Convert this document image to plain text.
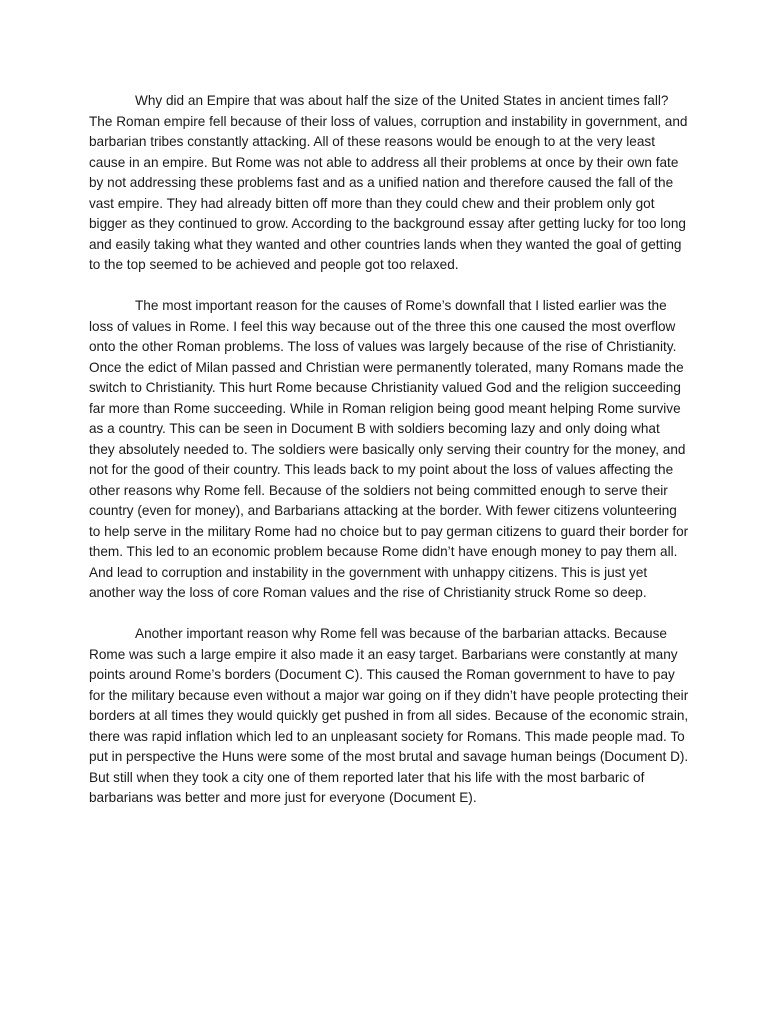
Why did an Empire that was about half the size of the United States in ancient times fall? The Roman empire fell because of their loss of values, corruption and instability in government, and barbarian tribes constantly attacking. All of these reasons would be enough to at the very least cause in an empire. But Rome was not able to address all their problems at once by their own fate by not addressing these problems fast and as a unified nation and therefore caused the fall of the vast empire. They had already bitten off more than they could chew and their problem only got bigger as they continued to grow. According to the background essay after getting lucky for too long and easily taking what they wanted and other countries lands when they wanted the goal of getting to the top seemed to be achieved and people got too relaxed.

The most important reason for the causes of Rome’s downfall that I listed earlier was the loss of values in Rome. I feel this way because out of the three this one caused the most overflow onto the other Roman problems. The loss of values was largely because of the rise of Christianity. Once the edict of Milan passed and Christian were permanently tolerated, many Romans made the switch to Christianity. This hurt Rome because Christianity valued God and the religion succeeding far more than Rome succeeding. While in Roman religion being good meant helping Rome survive as a country. This can be seen in Document B with soldiers becoming lazy and only doing what they absolutely needed to. The soldiers were basically only serving their country for the money, and not for the good of their country. This leads back to my point about the loss of values affecting the other reasons why Rome fell. Because of the soldiers not being committed enough to serve their country (even for money), and Barbarians attacking at the border. With fewer citizens volunteering to help serve in the military Rome had no choice but to pay german citizens to guard their border for them. This led to an economic problem because Rome didn’t have enough money to pay them all. And lead to corruption and instability in the government with unhappy citizens. This is just yet another way the loss of core Roman values and the rise of Christianity struck Rome so deep.

Another important reason why Rome fell was because of the barbarian attacks. Because Rome was such a large empire it also made it an easy target. Barbarians were constantly at many points around Rome’s borders (Document C). This caused the Roman government to have to pay for the military because even without a major war going on if they didn’t have people protecting their borders at all times they would quickly get pushed in from all sides. Because of the economic strain, there was rapid inflation which led to an unpleasant society for Romans. This made people mad. To put in perspective the Huns were some of the most brutal and savage human beings (Document D). But still when they took a city one of them reported later that his life with the most barbaric of barbarians was better and more just for everyone (Document E).
